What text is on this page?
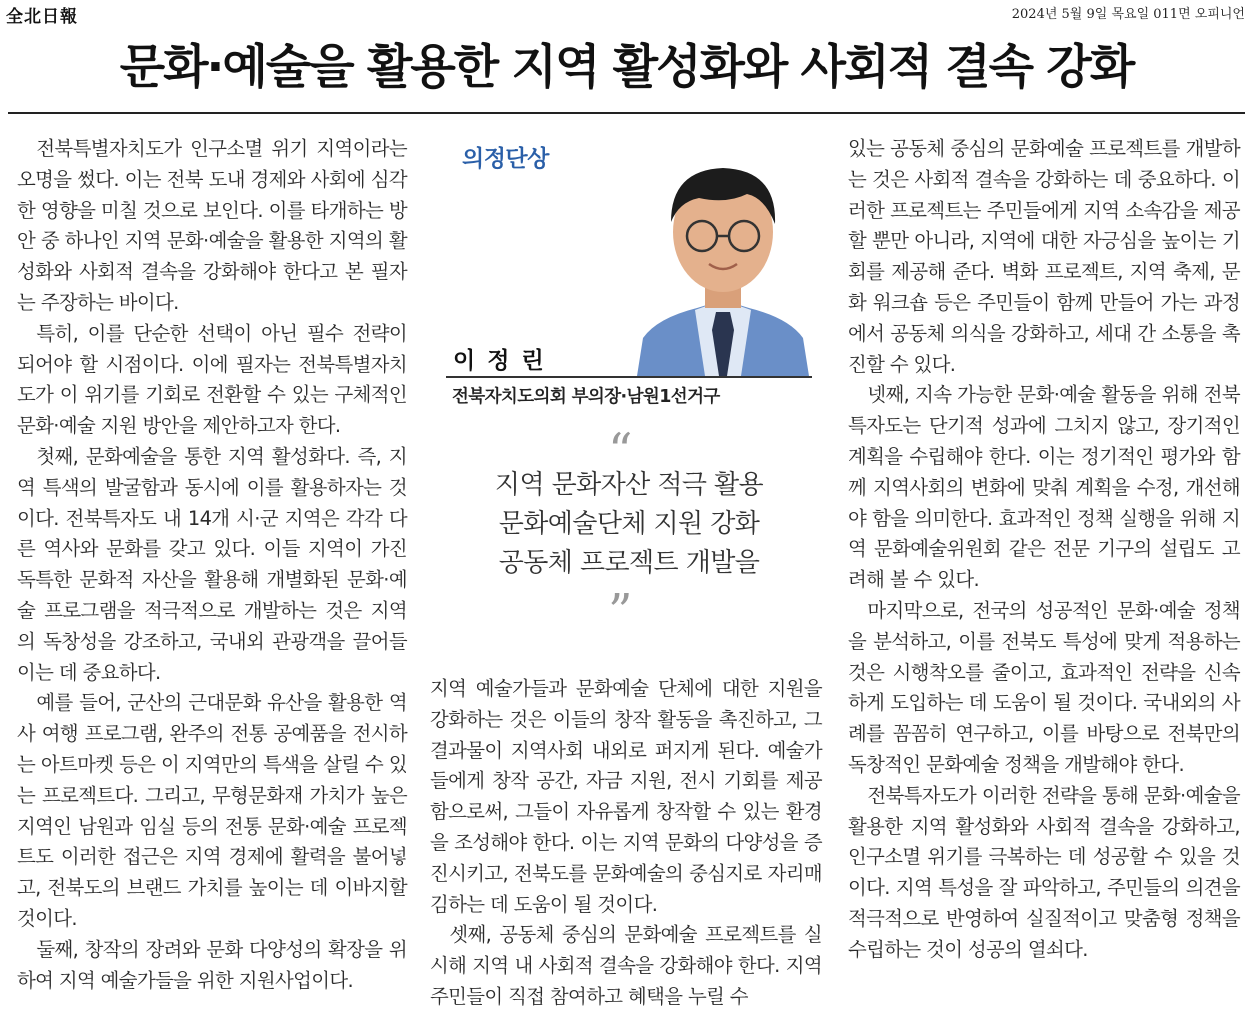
全北日報	2024년 5월 9일 목요일 011면 오피니언
문화·예술을 활용한 지역 활성화와 사회적 결속 강화

전북특별자치도가 인구소멸 위기 지역이라는 오명을 썼다. 이는 전북 도내 경제와 사회에 심각한 영향을 미칠 것으로 보인다. 이를 타개하는 방안 중 하나인 지역 문화·예술을 활용한 지역의 활성화와 사회적 결속을 강화해야 한다고 본 필자는 주장하는 바이다.

특히, 이를 단순한 선택이 아닌 필수 전략이 되어야 할 시점이다. 이에 필자는 전북특별자치도가 이 위기를 기회로 전환할 수 있는 구체적인 문화·예술 지원 방안을 제안하고자 한다.

첫째, 문화예술을 통한 지역 활성화다. 즉, 지역 특색의 발굴함과 동시에 이를 활용하자는 것이다. 전북특자도 내 14개 시·군 지역은 각각 다른 역사와 문화를 갖고 있다. 이들 지역이 가진 독특한 문화적 자산을 활용해 개별화된 문화·예술 프로그램을 적극적으로 개발하는 것은 지역의 독창성을 강조하고, 국내외 관광객을 끌어들이는 데 중요하다.

예를 들어, 군산의 근대문화 유산을 활용한 역사 여행 프로그램, 완주의 전통 공예품을 전시하는 아트마켓 등은 이 지역만의 특색을 살릴 수 있는 프로젝트다. 그리고, 무형문화재 가치가 높은 지역인 남원과 임실 등의 전통 문화·예술 프로젝트도 이러한 접근은 지역 경제에 활력을 불어넣고, 전북도의 브랜드 가치를 높이는 데 이바지할 것이다.

둘째, 창작의 장려와 문화 다양성의 확장을 위하여 지역 예술가들을 위한 지원사업이다.

의정단상
이 정 린
전북자치도의회 부의장·남원1선거구
“
지역 문화자산 적극 활용
문화예술단체 지원 강화
공동체 프로젝트 개발을
”

지역 예술가들과 문화예술 단체에 대한 지원을 강화하는 것은 이들의 창작 활동을 촉진하고, 그 결과물이 지역사회 내외로 퍼지게 된다. 예술가들에게 창작 공간, 자금 지원, 전시 기회를 제공함으로써, 그들이 자유롭게 창작할 수 있는 환경을 조성해야 한다. 이는 지역 문화의 다양성을 증진시키고, 전북도를 문화예술의 중심지로 자리매김하는 데 도움이 될 것이다.

셋째, 공동체 중심의 문화예술 프로젝트를 실시해 지역 내 사회적 결속을 강화해야 한다. 지역주민들이 직접 참여하고 혜택을 누릴 수

있는 공동체 중심의 문화예술 프로젝트를 개발하는 것은 사회적 결속을 강화하는 데 중요하다. 이러한 프로젝트는 주민들에게 지역 소속감을 제공할 뿐만 아니라, 지역에 대한 자긍심을 높이는 기회를 제공해 준다. 벽화 프로젝트, 지역 축제, 문화 워크숍 등은 주민들이 함께 만들어 가는 과정에서 공동체 의식을 강화하고, 세대 간 소통을 촉진할 수 있다.

넷째, 지속 가능한 문화·예술 활동을 위해 전북특자도는 단기적 성과에 그치지 않고, 장기적인 계획을 수립해야 한다. 이는 정기적인 평가와 함께 지역사회의 변화에 맞춰 계획을 수정, 개선해야 함을 의미한다. 효과적인 정책 실행을 위해 지역 문화예술위원회 같은 전문 기구의 설립도 고려해 볼 수 있다.

마지막으로, 전국의 성공적인 문화·예술 정책을 분석하고, 이를 전북도 특성에 맞게 적용하는 것은 시행착오를 줄이고, 효과적인 전략을 신속하게 도입하는 데 도움이 될 것이다. 국내외의 사례를 꼼꼼히 연구하고, 이를 바탕으로 전북만의 독창적인 문화예술 정책을 개발해야 한다.

전북특자도가 이러한 전략을 통해 문화·예술을 활용한 지역 활성화와 사회적 결속을 강화하고, 인구소멸 위기를 극복하는 데 성공할 수 있을 것이다. 지역 특성을 잘 파악하고, 주민들의 의견을 적극적으로 반영하여 실질적이고 맞춤형 정책을 수립하는 것이 성공의 열쇠다.
